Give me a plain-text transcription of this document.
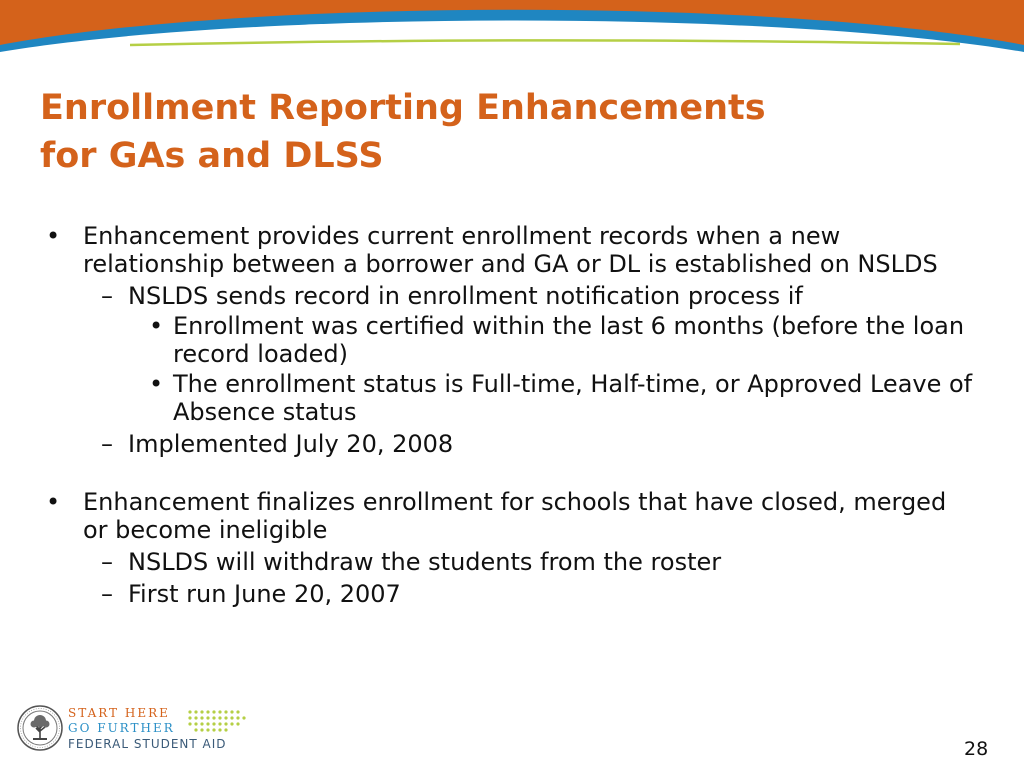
Enrollment Reporting Enhancements
for GAs and DLSS
• Enhancement provides current enrollment records when a new relationship between a borrower and GA or DL is established on NSLDS
– NSLDS sends record in enrollment notification process if
• Enrollment was certified within the last 6 months (before the loan record loaded)
• The enrollment status is Full-time, Half-time, or Approved Leave of Absence status
– Implemented July 20, 2008
• Enhancement finalizes enrollment for schools that have closed, merged or become ineligible
– NSLDS will withdraw the students from the roster
– First run June 20, 2007
START HERE
GO FURTHER
FEDERAL STUDENT AID	28
